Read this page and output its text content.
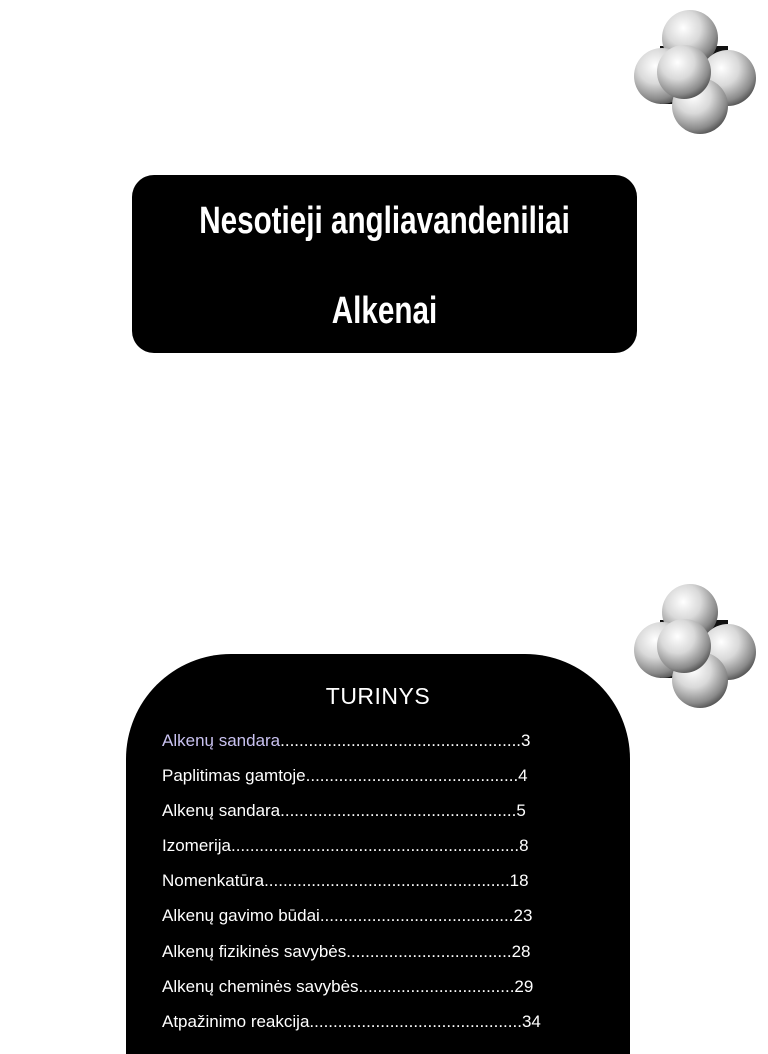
Nesotieji angliavandeniliai
Alkenai
TURINYS
Alkenų sandara...................................................3
Paplitimas gamtoje.............................................4
Alkenų sandara..................................................5
Izomerija.............................................................8
Nomenkatūra....................................................18
Alkenų gavimo būdai.........................................23
Alkenų fizikinės savybės...................................28
Alkenų cheminės savybės.................................29
Atpažinimo reakcija.............................................34
